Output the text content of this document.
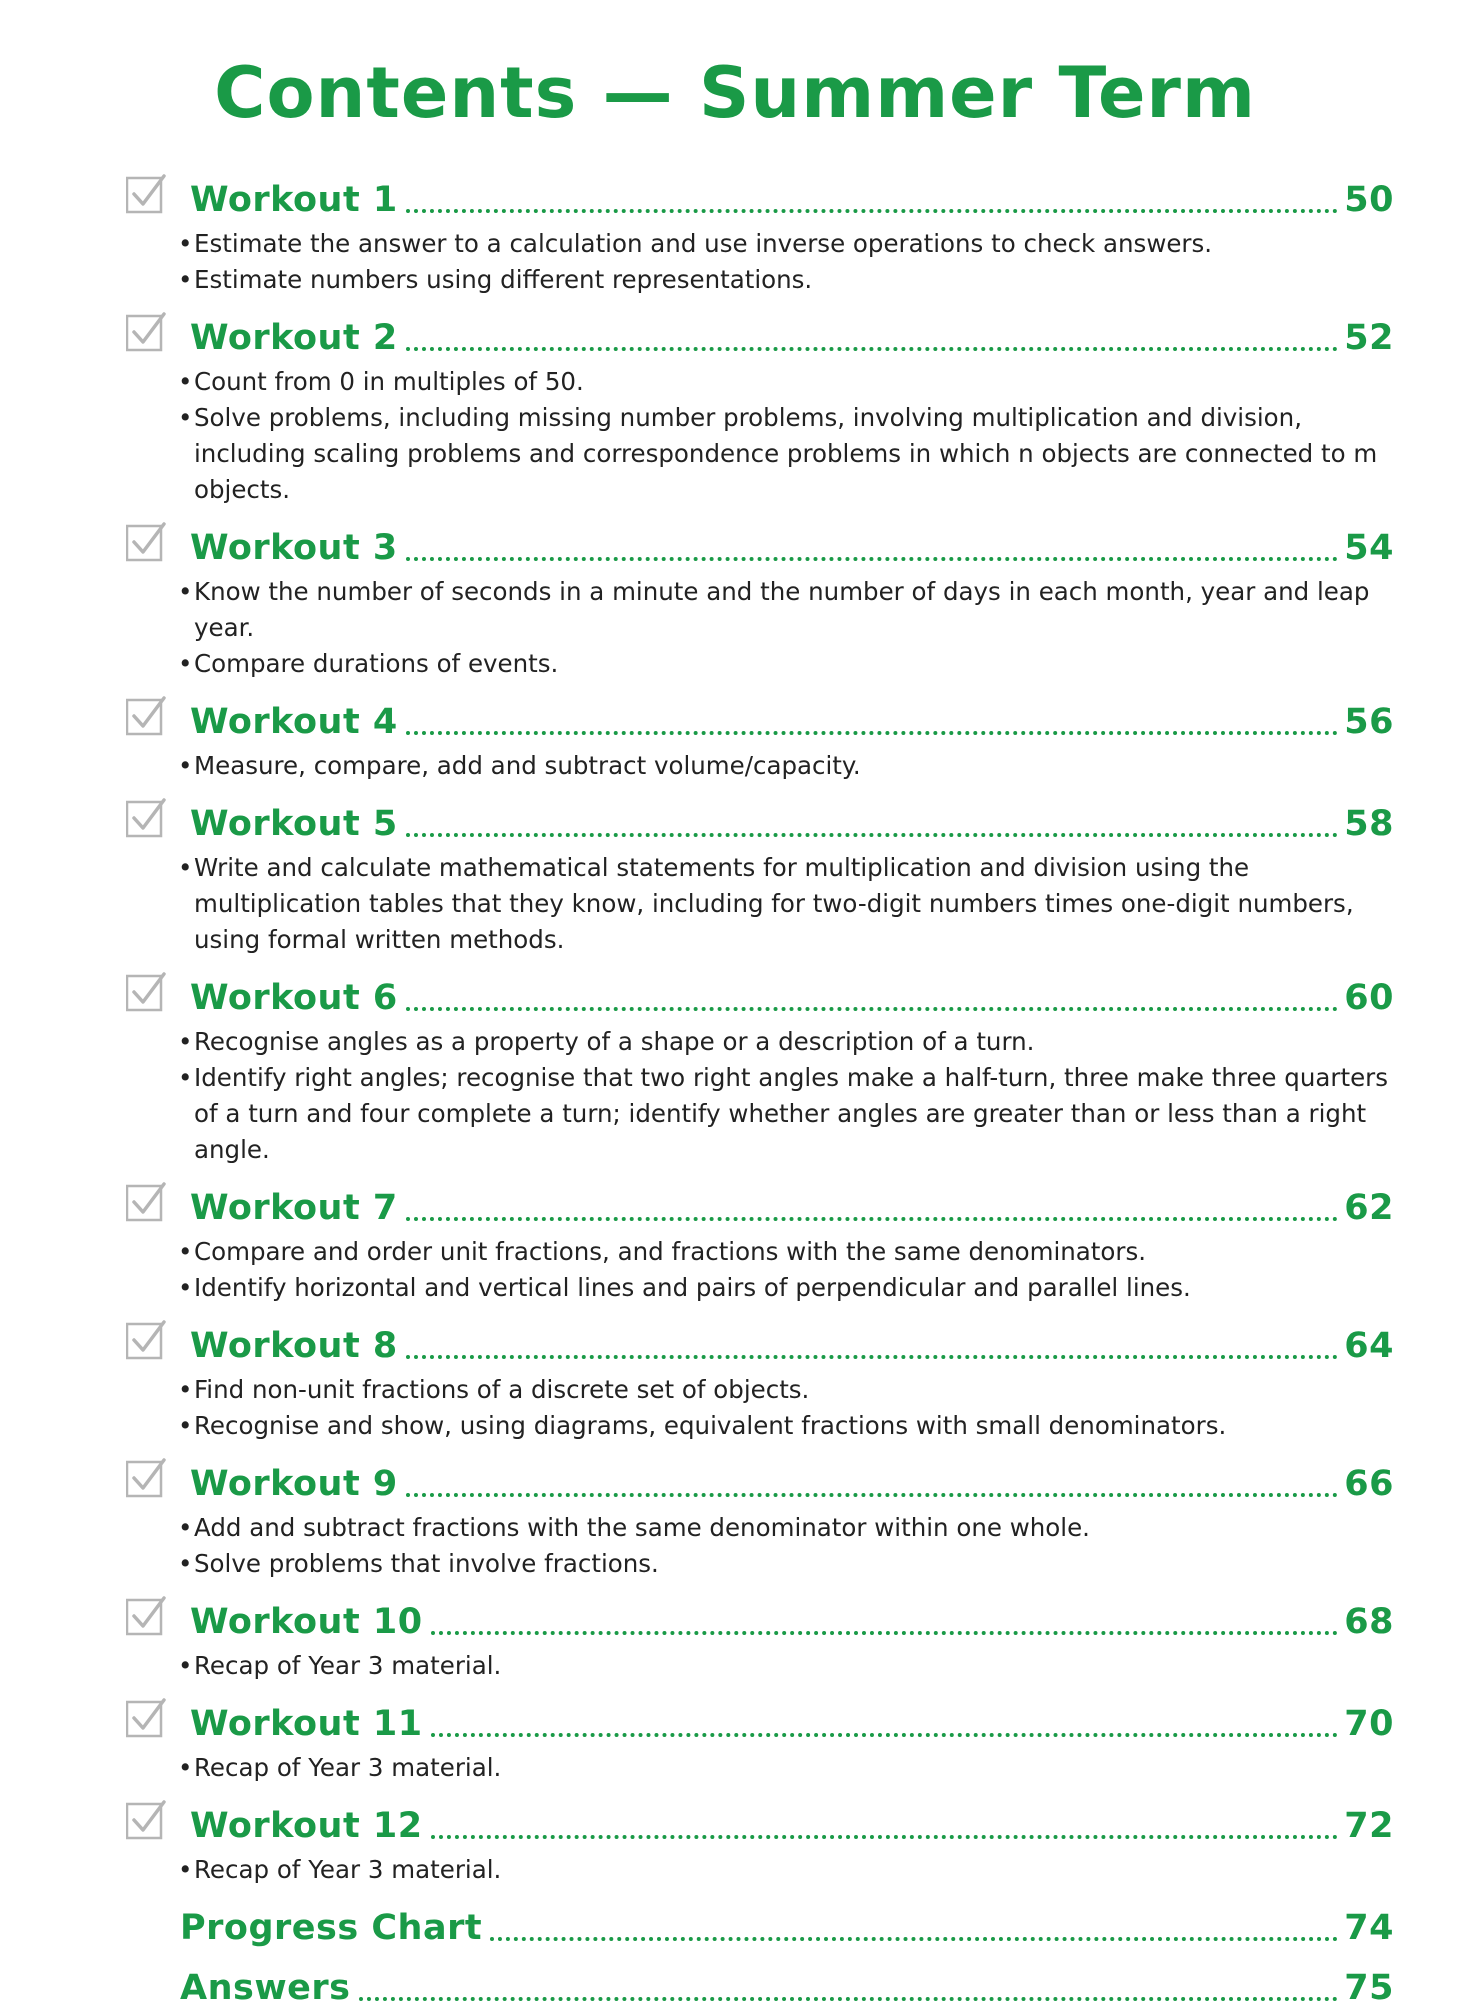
Contents — Summer Term
Workout 1	50
• Estimate the answer to a calculation and use inverse operations to check answers.
• Estimate numbers using different representations.
Workout 2	52
• Count from 0 in multiples of 50.
• Solve problems, including missing number problems, involving multiplication and division, including scaling problems and correspondence problems in which n objects are connected to m objects.
Workout 3	54
• Know the number of seconds in a minute and the number of days in each month, year and leap year.
• Compare durations of events.
Workout 4	56
• Measure, compare, add and subtract volume/capacity.
Workout 5	58
• Write and calculate mathematical statements for multiplication and division using the multiplication tables that they know, including for two-digit numbers times one-digit numbers, using formal written methods.
Workout 6	60
• Recognise angles as a property of a shape or a description of a turn.
• Identify right angles; recognise that two right angles make a half-turn, three make three quarters of a turn and four complete a turn; identify whether angles are greater than or less than a right angle.
Workout 7	62
• Compare and order unit fractions, and fractions with the same denominators.
• Identify horizontal and vertical lines and pairs of perpendicular and parallel lines.
Workout 8	64
• Find non-unit fractions of a discrete set of objects.
• Recognise and show, using diagrams, equivalent fractions with small denominators.
Workout 9	66
• Add and subtract fractions with the same denominator within one whole.
• Solve problems that involve fractions.
Workout 10	68
• Recap of Year 3 material.
Workout 11	70
• Recap of Year 3 material.
Workout 12	72
• Recap of Year 3 material.
Progress Chart	74
Answers	75
